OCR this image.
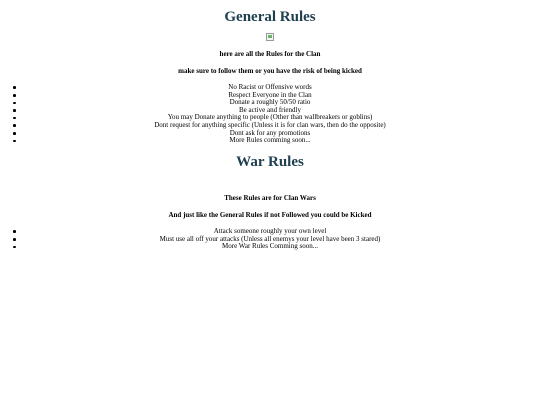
General Rules

here are all the Rules for the Clan

make sure to follow them or you have the risk of being kicked

No Racist or Offensive words
Respect Everyone in the Clan
Donate a roughly 50/50 ratio
Be active and friendly
You may Donate anything to people (Other than wallbreakers or goblins)
Dont request for anything specific (Unless it is for clan wars, then do the opposite)
Dont ask for any promotions
More Rules comming soon...
War Rules

These Rules are for Clan Wars

And just like the General Rules if not Followed you could be Kicked

Attack someone roughly your own level
Must use all off your attacks (Unless all enemys your level have been 3 stared)
More War Rules Comming soon...
